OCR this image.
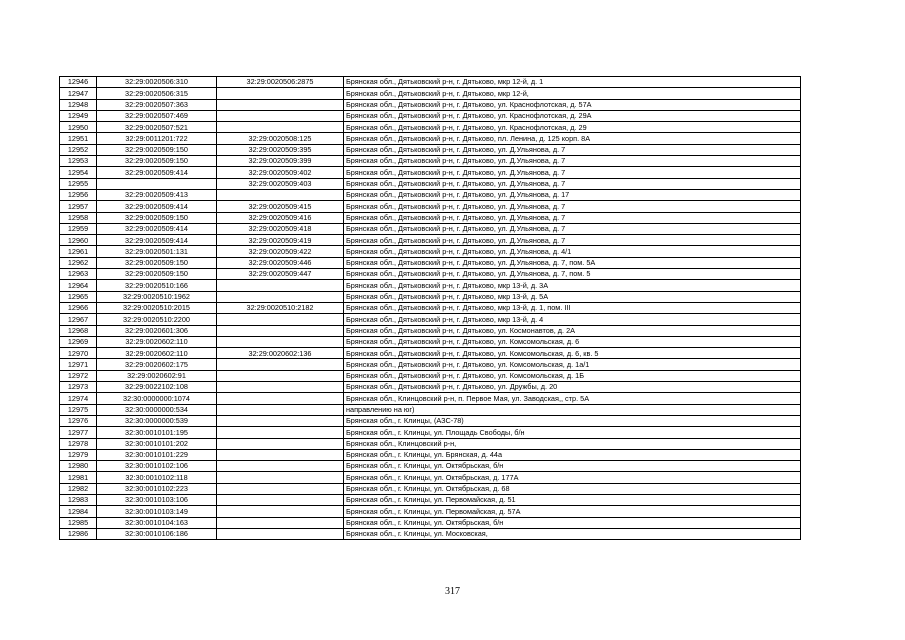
12946	32:29:0020506:310	32:29:0020506:2875	Брянская обл., Дятьковский р-н, г. Дятьково, мкр 12-й, д. 1
12947	32:29:0020506:315		Брянская обл., Дятьковский р-н, г. Дятьково, мкр 12-й,
12948	32:29:0020507:363		Брянская обл., Дятьковский р-н, г. Дятьково, ул. Краснофлотская, д. 57А
12949	32:29:0020507:469		Брянская обл., Дятьковский р-н, г. Дятьково, ул. Краснофлотская, д. 29А
12950	32:29:0020507:521		Брянская обл., Дятьковский р-н, г. Дятьково, ул. Краснофлотская, д. 29
12951	32:29:0011201:722	32:29:0020508:125	Брянская обл., Дятьковский р-н, г. Дятьково, пл. Ленина, д. 125 корп. 8А
12952	32:29:0020509:150	32:29:0020509:395	Брянская обл., Дятьковский р-н, г. Дятьково, ул. Д.Ульянова, д. 7
12953	32:29:0020509:150	32:29:0020509:399	Брянская обл., Дятьковский р-н, г. Дятьково, ул. Д.Ульянова, д. 7
12954	32:29:0020509:414	32:29:0020509:402	Брянская обл., Дятьковский р-н, г. Дятьково, ул. Д.Ульянова, д. 7
12955		32:29:0020509:403	Брянская обл., Дятьковский р-н, г. Дятьково, ул. Д.Ульянова, д. 7
12956	32:29:0020509:413		Брянская обл., Дятьковский р-н, г. Дятьково, ул. Д.Ульянова, д. 17
12957	32:29:0020509:414	32:29:0020509:415	Брянская обл., Дятьковский р-н, г. Дятьково, ул. Д.Ульянова, д. 7
12958	32:29:0020509:150	32:29:0020509:416	Брянская обл., Дятьковский р-н, г. Дятьково, ул. Д.Ульянова, д. 7
12959	32:29:0020509:414	32:29:0020509:418	Брянская обл., Дятьковский р-н, г. Дятьково, ул. Д.Ульянова, д. 7
12960	32:29:0020509:414	32:29:0020509:419	Брянская обл., Дятьковский р-н, г. Дятьково, ул. Д.Ульянова, д. 7
12961	32:29:0020501:131	32:29:0020509:422	Брянская обл., Дятьковский р-н, г. Дятьково, ул. Д.Ульянова, д. 4/1
12962	32:29:0020509:150	32:29:0020509:446	Брянская обл., Дятьковский р-н, г. Дятьково, ул. Д.Ульянова, д. 7, пом. 5А
12963	32:29:0020509:150	32:29:0020509:447	Брянская обл., Дятьковский р-н, г. Дятьково, ул. Д.Ульянова, д. 7, пом. 5
12964	32:29:0020510:166		Брянская обл., Дятьковский р-н, г. Дятьково, мкр 13-й, д. 3А
12965	32:29:0020510:1962		Брянская обл., Дятьковский р-н, г. Дятьково, мкр 13-й, д. 5А
12966	32:29:0020510:2015	32:29:0020510:2182	Брянская обл., Дятьковский р-н, г. Дятьково, мкр 13-й, д. 1, пом. III
12967	32:29:0020510:2200		Брянская обл., Дятьковский р-н, г. Дятьково, мкр 13-й, д. 4
12968	32:29:0020601:306		Брянская обл., Дятьковский р-н, г. Дятьково, ул. Космонавтов, д. 2А
12969	32:29:0020602:110		Брянская обл., Дятьковский р-н, г. Дятьково, ул. Комсомольская, д. 6
12970	32:29:0020602:110	32:29:0020602:136	Брянская обл., Дятьковский р-н, г. Дятьково, ул. Комсомольская, д. 6, кв. 5
12971	32:29:0020602:175		Брянская обл., Дятьковский р-н, г. Дятьково, ул. Комсомольская, д. 1а/1
12972	32:29:0020602:91		Брянская обл., Дятьковский р-н, г. Дятьково, ул. Комсомольская, д. 1Б
12973	32:29:0022102:108		Брянская обл., Дятьковский р-н, г. Дятьково, ул. Дружбы, д. 20
12974	32:30:0000000:1074		Брянская обл., Клинцовский р-н, п. Первое Мая, ул. Заводская,, стр. 5А
12975	32:30:0000000:534		направлению на юг)
12976	32:30:0000000:539		Брянская обл., г. Клинцы, (АЗС-78)
12977	32:30:0010101:195		Брянская обл., г. Клинцы, ул. Площадь Свободы, б/н
12978	32:30:0010101:202		Брянская обл., Клинцовский р-н,
12979	32:30:0010101:229		Брянская обл., г. Клинцы, ул. Брянская, д. 44а
12980	32:30:0010102:106		Брянская обл., г. Клинцы, ул. Октябрьская, б/н
12981	32:30:0010102:118		Брянская обл., г. Клинцы, ул. Октябрьская, д. 177А
12982	32:30:0010102:223		Брянская обл., г. Клинцы, ул. Октябрьская, д. 68
12983	32:30:0010103:106		Брянская обл., г. Клинцы, ул. Первомайская, д. 51
12984	32:30:0010103:149		Брянская обл., г. Клинцы, ул. Первомайская, д. 57А
12985	32:30:0010104:163		Брянская обл., г. Клинцы, ул. Октябрьская, б/н
12986	32:30:0010106:186		Брянская обл., г. Клинцы, ул. Московская,
317
